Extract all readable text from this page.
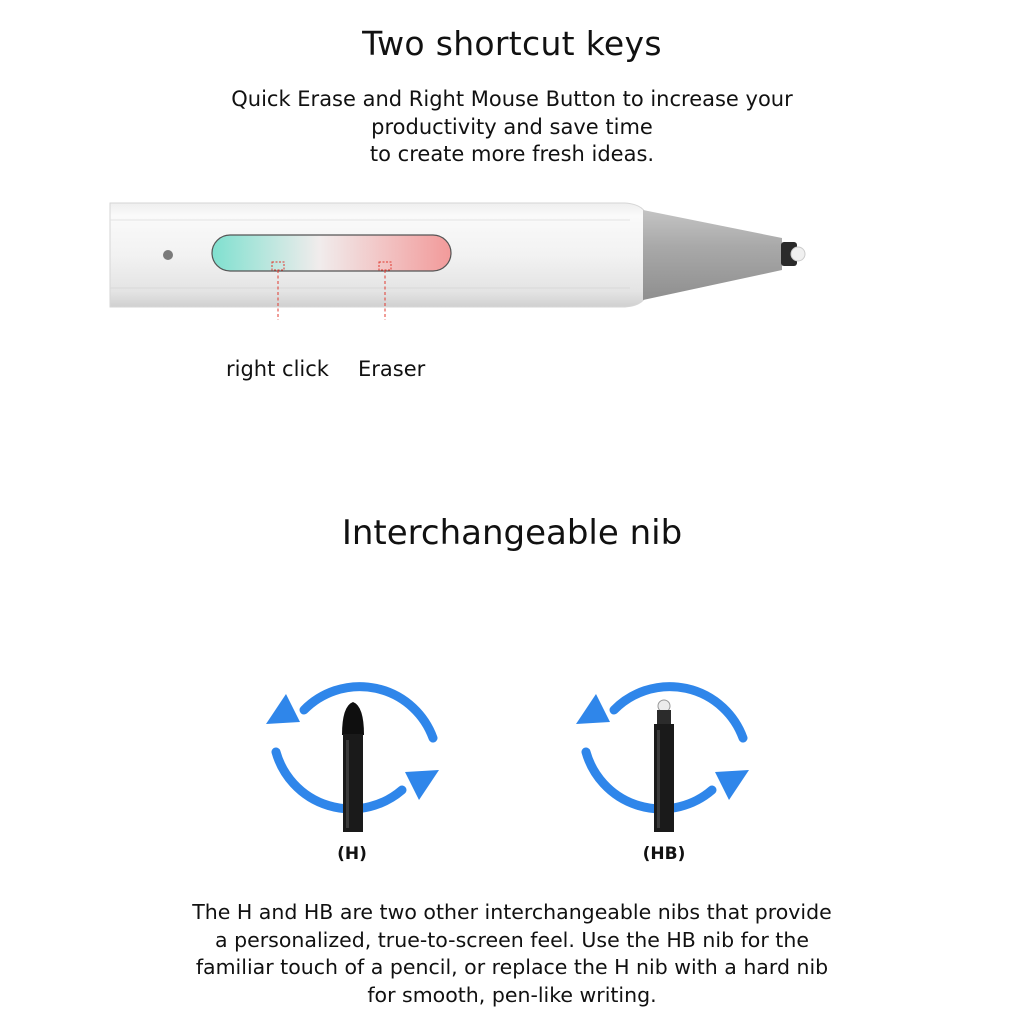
Two shortcut keys
Quick Erase and Right Mouse Button to increase your
productivity and save time
to create more fresh ideas.
right click Eraser
Interchangeable nib
(H)	(HB)
The H and HB are two other interchangeable nibs that provide
a personalized, true-to-screen feel. Use the HB nib for the
familiar touch of a pencil, or replace the H nib with a hard nib
for smooth, pen-like writing.
